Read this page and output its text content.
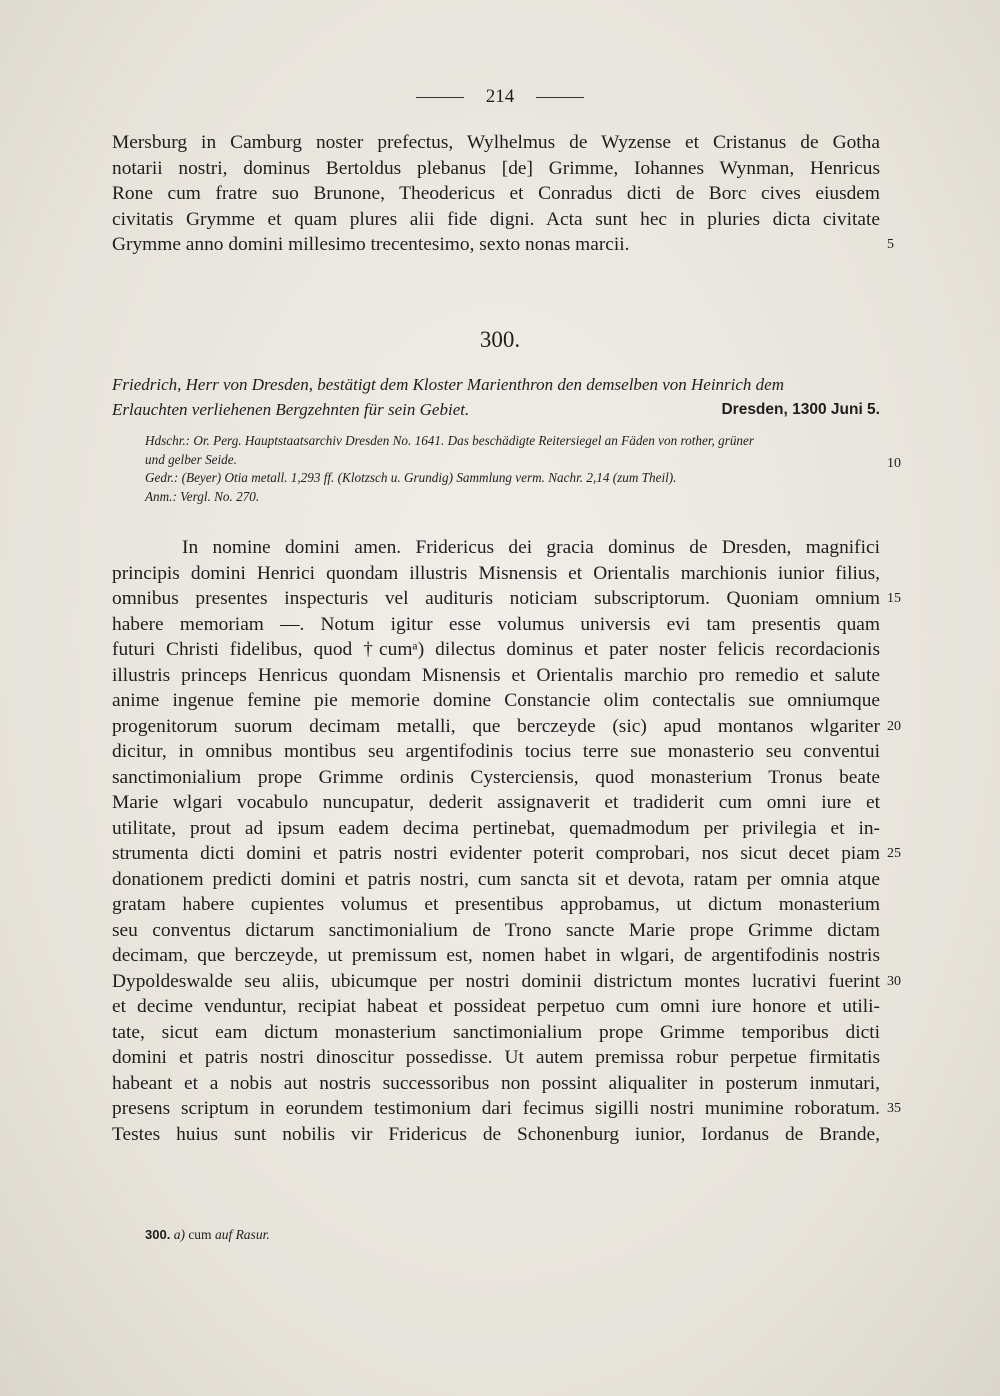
214
Mersburg in Camburg noster prefectus, Wylhelmus de Wyzense et Cristanus de Gotha
notarii nostri, dominus Bertoldus plebanus [de] Grimme, Iohannes Wynman, Henricus
Rone cum fratre suo Brunone, Theodericus et Conradus dicti de Borc cives eiusdem
civitatis Grymme et quam plures alii fide digni. Acta sunt hec in pluries dicta civitate
Grymme anno domini millesimo trecentesimo, sexto nonas marcii.	5
300.
Friedrich, Herr von Dresden, bestätigt dem Kloster Marienthron den demselben von Heinrich dem
Erlauchten verliehenen Bergzehnten für sein Gebiet.	Dresden, 1300 Juni 5.
Hdschr.: Or. Perg. Hauptstaatsarchiv Dresden No. 1641. Das beschädigte Reitersiegel an Fäden von rother, grüner
und gelber Seide.	10
Gedr.: (Beyer) Otia metall. 1,293 ff. (Klotzsch u. Grundig) Sammlung verm. Nachr. 2,14 (zum Theil).
Anm.: Vergl. No. 270.
In nomine domini amen. Fridericus dei gracia dominus de Dresden, magnifici
principis domini Henrici quondam illustris Misnensis et Orientalis marchionis iunior filius,
omnibus presentes inspecturis vel audituris noticiam subscriptorum. Quoniam omnium 15
habere memoriam —. Notum igitur esse volumus universis evi tam presentis quam
futuri Christi fidelibus, quod †cumᵃ) dilectus dominus et pater noster felicis recordacionis
illustris princeps Henricus quondam Misnensis et Orientalis marchio pro remedio et salute
anime ingenue femine pie memorie domine Constancie olim contectalis sue omniumque
progenitorum suorum decimam metalli, que berczeyde (sic) apud montanos wlgariter 20
dicitur, in omnibus montibus seu argentifodinis tocius terre sue monasterio seu conventui
sanctimonialium prope Grimme ordinis Cysterciensis, quod monasterium Tronus beate
Marie wlgari vocabulo nuncupatur, dederit assignaverit et tradiderit cum omni iure et
utilitate, prout ad ipsum eadem decima pertinebat, quemadmodum per privilegia et in-
strumenta dicti domini et patris nostri evidenter poterit comprobari, nos sicut decet piam 25
donationem predicti domini et patris nostri, cum sancta sit et devota, ratam per omnia atque
gratam habere cupientes volumus et presentibus approbamus, ut dictum monasterium
seu conventus dictarum sanctimonialium de Trono sancte Marie prope Grimme dictam
decimam, que berczeyde, ut premissum est, nomen habet in wlgari, de argentifodinis nostris
Dypoldeswalde seu aliis, ubicumque per nostri dominii districtum montes lucrativi fuerint 30
et decime venduntur, recipiat habeat et possideat perpetuo cum omni iure honore et utili-
tate, sicut eam dictum monasterium sanctimonialium prope Grimme temporibus dicti
domini et patris nostri dinoscitur possedisse. Ut autem premissa robur perpetue firmitatis
habeant et a nobis aut nostris successoribus non possint aliqualiter in posterum inmutari,
presens scriptum in eorundem testimonium dari fecimus sigilli nostri munimine roboratum. 35
Testes huius sunt nobilis vir Fridericus de Schonenburg iunior, Iordanus de Brande,
300. a) cum auf Rasur.
